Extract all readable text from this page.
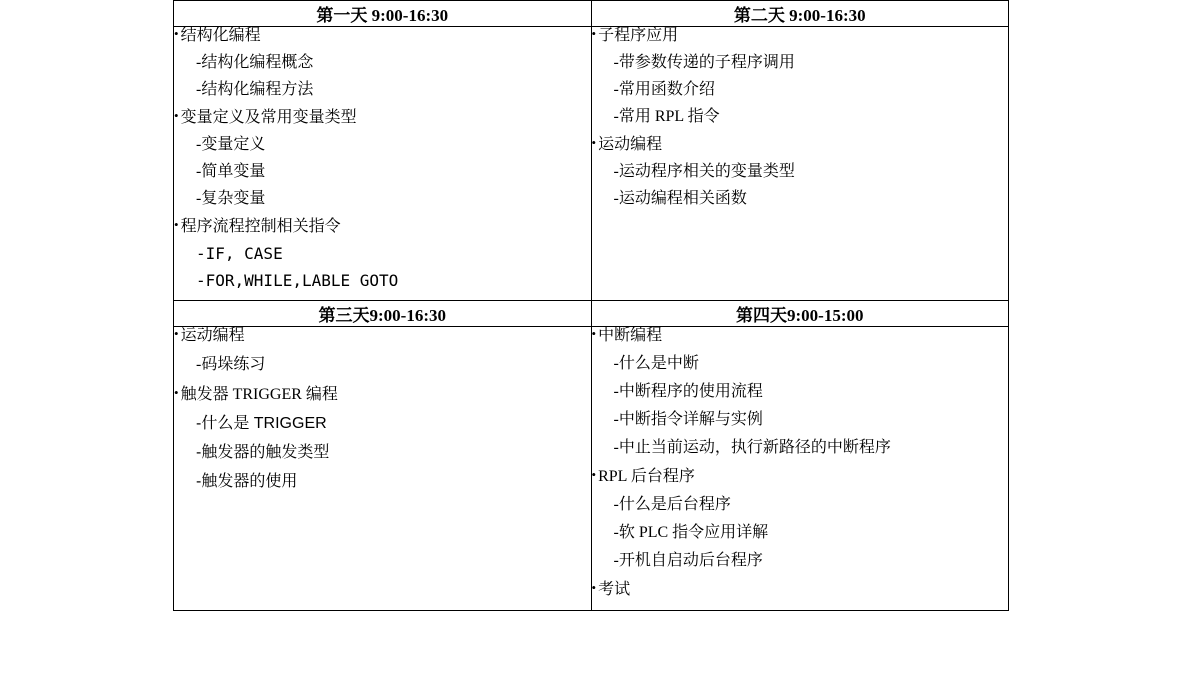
第一天 9:00-16:30	第二天 9:00-16:30

• 结构化编程
-结构化编程概念
-结构化编程方法
• 变量定义及常用变量类型
-变量定义
-简单变量
-复杂变量
• 程序流程控制相关指令
-IF, CASE
-FOR,WHILE,LABLE GOTO

• 子程序应用
-带参数传递的子程序调用
-常用函数介绍
-常用 RPL 指令
• 运动编程
-运动程序相关的变量类型
-运动编程相关函数

第三天9:00-16:30	第四天9:00-15:00

• 运动编程
-码垛练习
• 触发器 TRIGGER 编程
-什么是 TRIGGER
-触发器的触发类型
-触发器的使用

• 中断编程
-什么是中断
-中断程序的使用流程
-中断指令详解与实例
-中止当前运动，执行新路径的中断程序
• RPL 后台程序
-什么是后台程序
-软 PLC 指令应用详解
-开机自启动后台程序
• 考试
